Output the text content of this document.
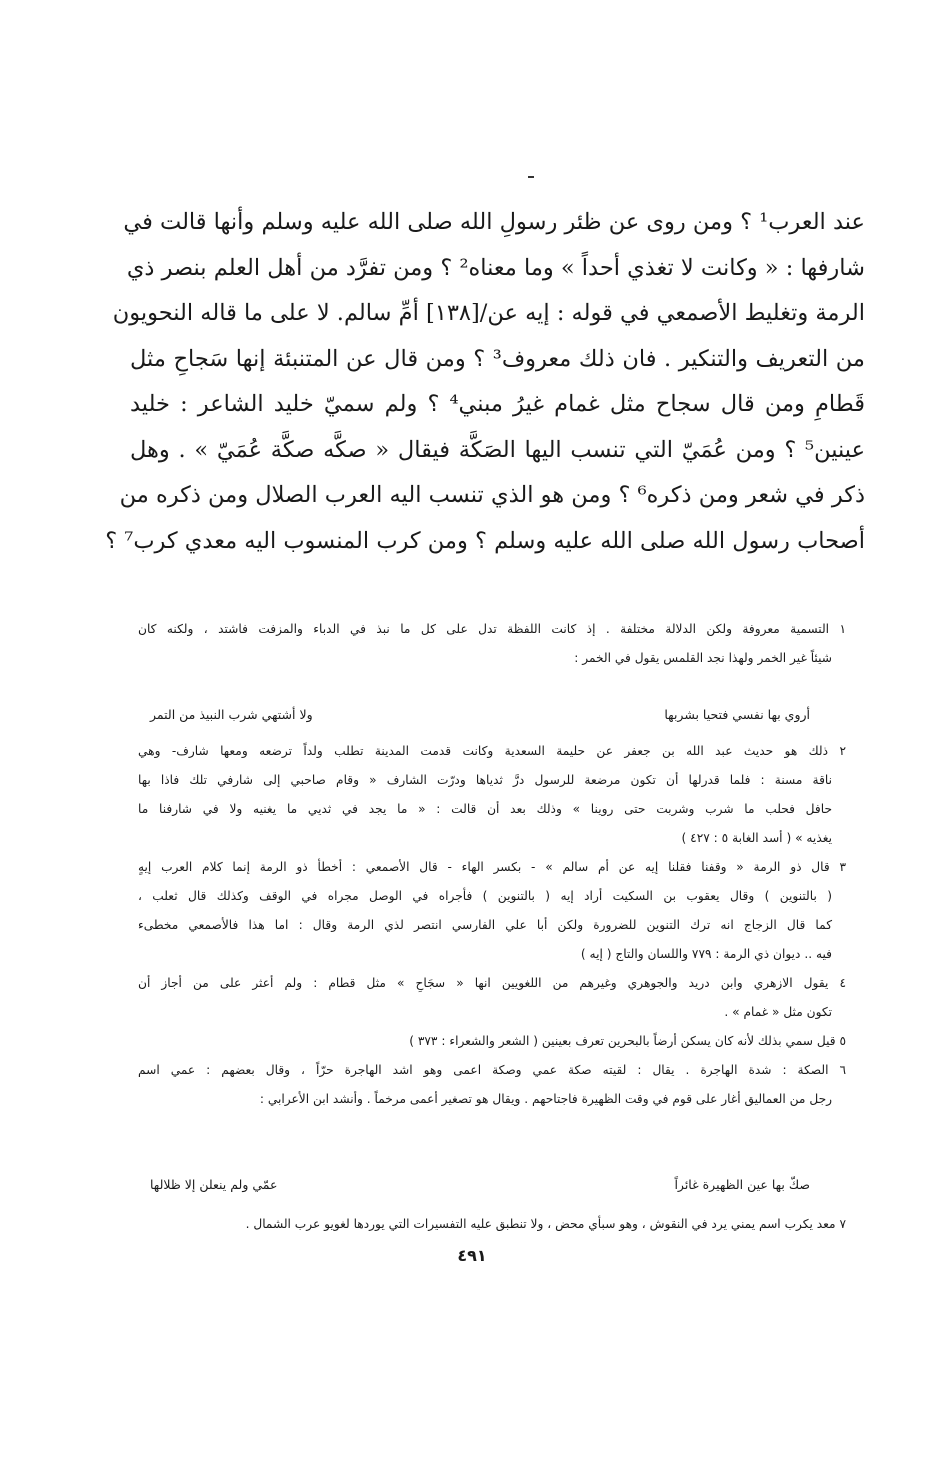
عند العرب¹ ؟ ومن روى عن ظئر رسولِ الله صلى الله عليه وسلم وأنها قالت في
شارفها : « وكانت لا تغذي أحداً » وما معناه² ؟ ومن تفرَّد من أهل العلم بنصر ذي
الرمة وتغليط الأصمعي في قوله : إيه عن/[١٣٨] أمِّ سالم. لا على ما قاله النحويون
من التعريف والتنكير . فان ذلك معروف³ ؟ ومن قال عن المتنبئة إنها سَجاحِ مثل
قَطامِ ومن قال سجاح مثل غمام غيرُ مبني⁴ ؟ ولم سميّ خليد الشاعر : خليد
عينين⁵ ؟ ومن عُمَيّ التي تنسب اليها الصَكَّة فيقال « صكَّه صكَّة عُمَيّ » . وهل
ذكر في شعر ومن ذكره⁶ ؟ ومن هو الذي تنسب اليه العرب الصلال ومن ذكره من
أصحاب رسول الله صلى الله عليه وسلم ؟ ومن كرب المنسوب اليه معدي كرب⁷ ؟
١ التسمية معروفة ولكن الدلالة مختلفة . إذ كانت اللفظة تدل على كل ما نبذ في الدباء والمزفت فاشتد ، ولكنه كان
شيئاً غير الخمر ولهذا نجد القلمس يقول في الخمر :
أروي بها نفسي فتحيا بشربها
ولا أشتهي شرب النبيذ من التمر
٢ ذلك هو حديث عبد الله بن جعفر عن حليمة السعدية وكانت قدمت المدينة تطلب ولداً ترضعه ومعها شارف- وهي
ناقة مسنة : فلما قدرلها أن تكون مرضعة للرسول درَّ ثدياها ودرّت الشارف « وقام صاحبي إلى شارفي تلك فاذا بها
حافل فحلب ما شرب وشربت حتى روينا » وذلك بعد أن قالت : « ما يجد في ثديي ما يغنيه ولا في شارفنا ما
يغذيه » ( أسد الغابة ٥ : ٤٢٧ )
٣ قال ذو الرمة « وقفنا فقلنا إيه عن أم سالم » - بكسر الهاء - قال الأصمعي : أخطأ ذو الرمة إنما كلام العرب إيهٍ
( بالتنوين ) وقال يعقوب بن السكيت أراد إيه ( بالتنوين ) فأجراه في الوصل مجراه في الوقف وكذلك قال ثعلب ،
كما قال الزجاج انه ترك التنوين للضرورة ولكن أبا علي الفارسي انتصر لذي الرمة وقال : اما هذا فالأصمعي مخطىء
فيه .. ديوان ذي الرمة : ٧٧٩ واللسان والتاج ( إيه )
٤ يقول الازهري وابن دريد والجوهري وغيرهم من اللغويين انها « سجَاحِ » مثل قطام : ولم أعثر على من أجاز أن
تكون مثل « غمام » .
٥ قيل سمي بذلك لأنه كان يسكن أرضاً بالبحرين تعرف بعينين ( الشعر والشعراء : ٣٧٣ )
٦ الصكة : شدة الهاجرة . يقال : لقيته صكة عمي وصكة اعمى وهو اشد الهاجرة حرّاً ، وقال بعضهم : عمي اسم
رجل من العماليق أغار على قوم في وقت الظهيرة فاجتاحهم . ويقال هو تصغير أعمى مرخماً . وأنشد ابن الأعرابي :
صكّ بها عين الظهيرة غائراً
عمّي ولم ينعلن إلا ظلالها
٧ معد يكرب اسم يمني يرد في النقوش ، وهو سبأي محض ، ولا تنطبق عليه التفسيرات التي يوردها لغويو عرب الشمال .
٤٩١
